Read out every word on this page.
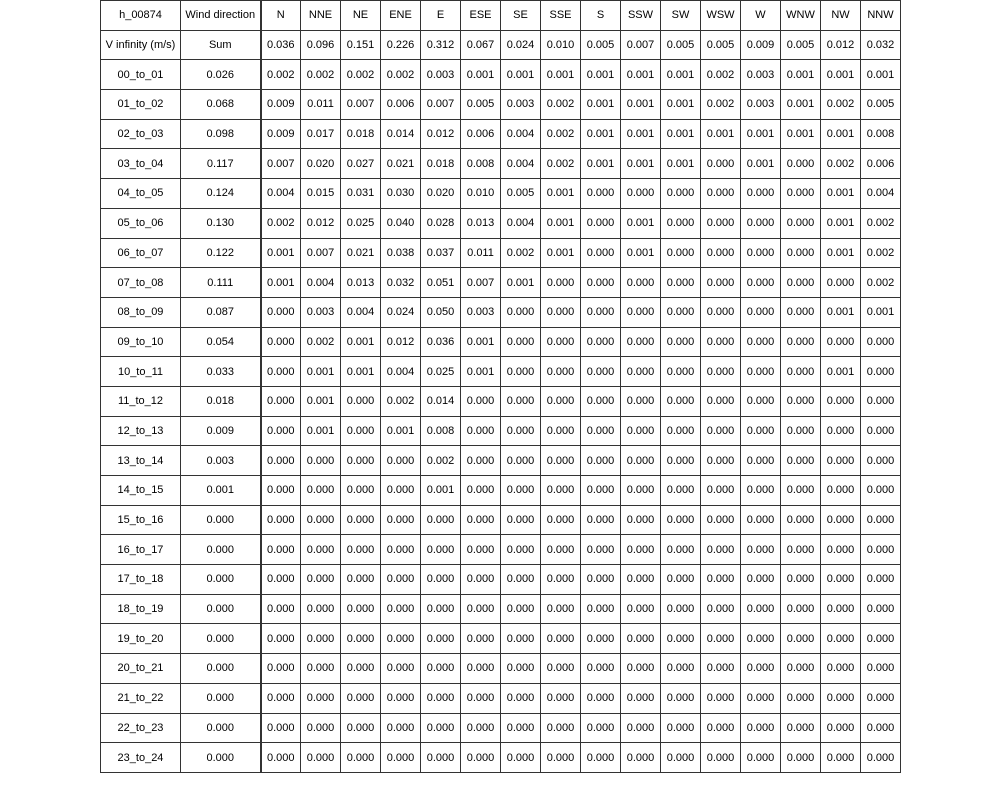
h_00874	Wind direction	N	NNE	NE	ENE	E	ESE	SE	SSE	S	SSW	SW	WSW	W	WNW	NW	NNW
V infinity (m/s)	Sum	0.036	0.096	0.151	0.226	0.312	0.067	0.024	0.010	0.005	0.007	0.005	0.005	0.009	0.005	0.012	0.032
00_to_01	0.026	0.002	0.002	0.002	0.002	0.003	0.001	0.001	0.001	0.001	0.001	0.001	0.002	0.003	0.001	0.001	0.001
01_to_02	0.068	0.009	0.011	0.007	0.006	0.007	0.005	0.003	0.002	0.001	0.001	0.001	0.002	0.003	0.001	0.002	0.005
02_to_03	0.098	0.009	0.017	0.018	0.014	0.012	0.006	0.004	0.002	0.001	0.001	0.001	0.001	0.001	0.001	0.001	0.008
03_to_04	0.117	0.007	0.020	0.027	0.021	0.018	0.008	0.004	0.002	0.001	0.001	0.001	0.000	0.001	0.000	0.002	0.006
04_to_05	0.124	0.004	0.015	0.031	0.030	0.020	0.010	0.005	0.001	0.000	0.000	0.000	0.000	0.000	0.000	0.001	0.004
05_to_06	0.130	0.002	0.012	0.025	0.040	0.028	0.013	0.004	0.001	0.000	0.001	0.000	0.000	0.000	0.000	0.001	0.002
06_to_07	0.122	0.001	0.007	0.021	0.038	0.037	0.011	0.002	0.001	0.000	0.001	0.000	0.000	0.000	0.000	0.001	0.002
07_to_08	0.111	0.001	0.004	0.013	0.032	0.051	0.007	0.001	0.000	0.000	0.000	0.000	0.000	0.000	0.000	0.000	0.002
08_to_09	0.087	0.000	0.003	0.004	0.024	0.050	0.003	0.000	0.000	0.000	0.000	0.000	0.000	0.000	0.000	0.001	0.001
09_to_10	0.054	0.000	0.002	0.001	0.012	0.036	0.001	0.000	0.000	0.000	0.000	0.000	0.000	0.000	0.000	0.000	0.000
10_to_11	0.033	0.000	0.001	0.001	0.004	0.025	0.001	0.000	0.000	0.000	0.000	0.000	0.000	0.000	0.000	0.001	0.000
11_to_12	0.018	0.000	0.001	0.000	0.002	0.014	0.000	0.000	0.000	0.000	0.000	0.000	0.000	0.000	0.000	0.000	0.000
12_to_13	0.009	0.000	0.001	0.000	0.001	0.008	0.000	0.000	0.000	0.000	0.000	0.000	0.000	0.000	0.000	0.000	0.000
13_to_14	0.003	0.000	0.000	0.000	0.000	0.002	0.000	0.000	0.000	0.000	0.000	0.000	0.000	0.000	0.000	0.000	0.000
14_to_15	0.001	0.000	0.000	0.000	0.000	0.001	0.000	0.000	0.000	0.000	0.000	0.000	0.000	0.000	0.000	0.000	0.000
15_to_16	0.000	0.000	0.000	0.000	0.000	0.000	0.000	0.000	0.000	0.000	0.000	0.000	0.000	0.000	0.000	0.000	0.000
16_to_17	0.000	0.000	0.000	0.000	0.000	0.000	0.000	0.000	0.000	0.000	0.000	0.000	0.000	0.000	0.000	0.000	0.000
17_to_18	0.000	0.000	0.000	0.000	0.000	0.000	0.000	0.000	0.000	0.000	0.000	0.000	0.000	0.000	0.000	0.000	0.000
18_to_19	0.000	0.000	0.000	0.000	0.000	0.000	0.000	0.000	0.000	0.000	0.000	0.000	0.000	0.000	0.000	0.000	0.000
19_to_20	0.000	0.000	0.000	0.000	0.000	0.000	0.000	0.000	0.000	0.000	0.000	0.000	0.000	0.000	0.000	0.000	0.000
20_to_21	0.000	0.000	0.000	0.000	0.000	0.000	0.000	0.000	0.000	0.000	0.000	0.000	0.000	0.000	0.000	0.000	0.000
21_to_22	0.000	0.000	0.000	0.000	0.000	0.000	0.000	0.000	0.000	0.000	0.000	0.000	0.000	0.000	0.000	0.000	0.000
22_to_23	0.000	0.000	0.000	0.000	0.000	0.000	0.000	0.000	0.000	0.000	0.000	0.000	0.000	0.000	0.000	0.000	0.000
23_to_24	0.000	0.000	0.000	0.000	0.000	0.000	0.000	0.000	0.000	0.000	0.000	0.000	0.000	0.000	0.000	0.000	0.000
